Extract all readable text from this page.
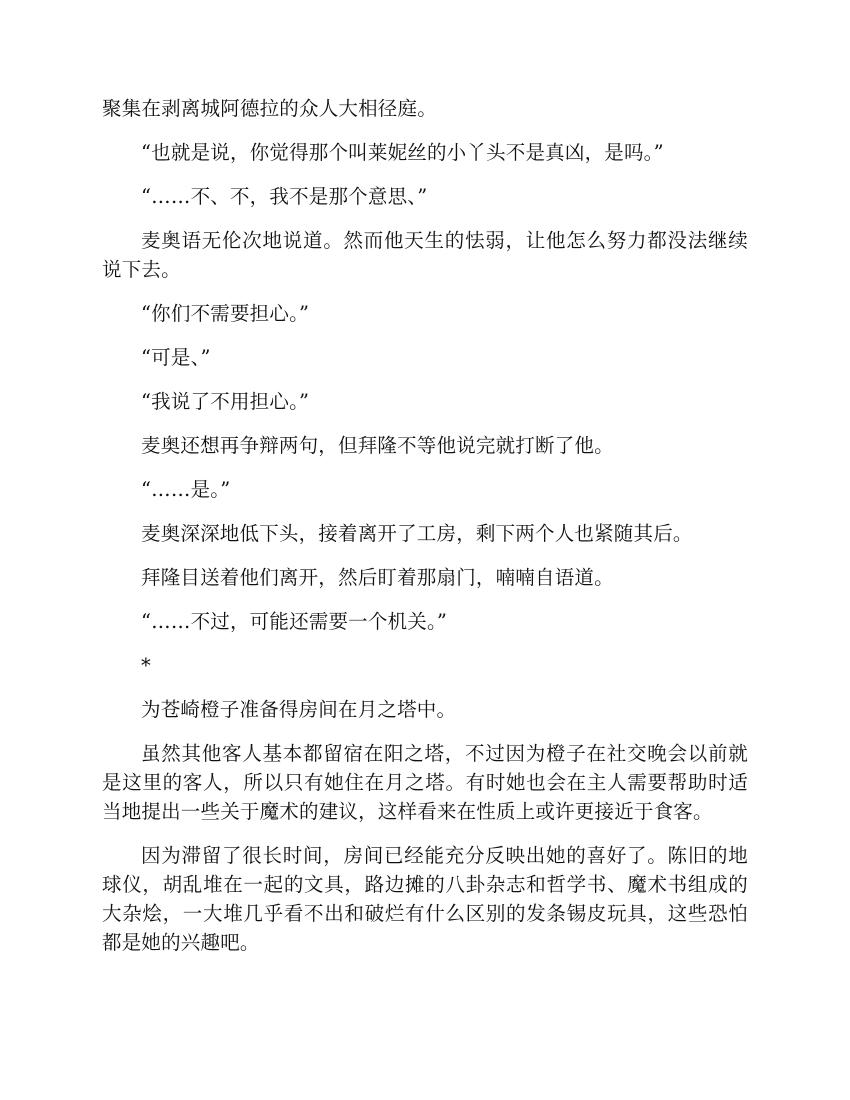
聚集在剥离城阿德拉的众人大相径庭。

“也就是说，你觉得那个叫莱妮丝的小丫头不是真凶，是吗。”

“……不、不，我不是那个意思、”

麦奥语无伦次地说道。然而他天生的怯弱，让他怎么努力都没法继续说下去。

“你们不需要担心。”

“可是、”

“我说了不用担心。”

麦奥还想再争辩两句，但拜隆不等他说完就打断了他。

“……是。”

麦奥深深地低下头，接着离开了工房，剩下两个人也紧随其后。

拜隆目送着他们离开，然后盯着那扇门，喃喃自语道。

“……不过，可能还需要一个机关。”

*

为苍崎橙子准备得房间在月之塔中。

虽然其他客人基本都留宿在阳之塔，不过因为橙子在社交晚会以前就是这里的客人，所以只有她住在月之塔。有时她也会在主人需要帮助时适当地提出一些关于魔术的建议，这样看来在性质上或许更接近于食客。

因为滞留了很长时间，房间已经能充分反映出她的喜好了。陈旧的地球仪，胡乱堆在一起的文具，路边摊的八卦杂志和哲学书、魔术书组成的大杂烩，一大堆几乎看不出和破烂有什么区别的发条锡皮玩具，这些恐怕都是她的兴趣吧。
